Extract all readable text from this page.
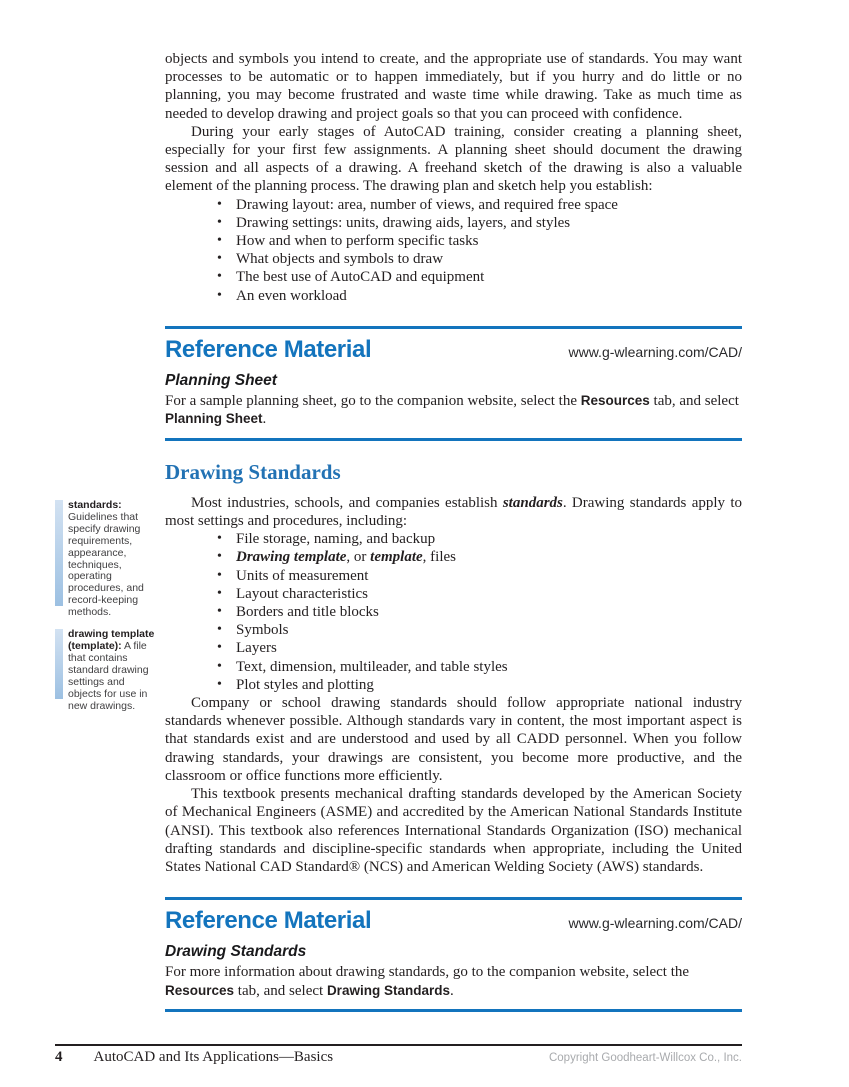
standards: Guidelines that specify drawing requirements, appearance, techniques, operating procedures, and record-keeping methods.
drawing template (template): A file that contains standard drawing settings and objects for use in new drawings.

objects and symbols you intend to create, and the appropriate use of standards. You may want processes to be automatic or to happen immediately, but if you hurry and do little or no planning, you may become frustrated and waste time while drawing. Take as much time as needed to develop drawing and project goals so that you can proceed with confidence.

During your early stages of AutoCAD training, consider creating a planning sheet, especially for your first few assignments. A planning sheet should document the drawing session and all aspects of a drawing. A freehand sketch of the drawing is also a valuable element of the planning process. The drawing plan and sketch help you establish:

• Drawing layout: area, number of views, and required free space
• Drawing settings: units, drawing aids, layers, and styles
• How and when to perform specific tasks
• What objects and symbols to draw
• The best use of AutoCAD and equipment
• An even workload
Reference Material	www.g-wlearning.com/CAD/
Planning Sheet
For a sample planning sheet, go to the companion website, select the Resources tab, and select Planning Sheet.
Drawing Standards

Most industries, schools, and companies establish standards. Drawing standards apply to most settings and procedures, including:

• File storage, naming, and backup
• Drawing template, or template, files
• Units of measurement
• Layout characteristics
• Borders and title blocks
• Symbols
• Layers
• Text, dimension, multileader, and table styles
• Plot styles and plotting

Company or school drawing standards should follow appropriate national industry standards whenever possible. Although standards vary in content, the most important aspect is that standards exist and are understood and used by all CADD personnel. When you follow drawing standards, your drawings are consistent, you become more productive, and the classroom or office functions more efficiently.

This textbook presents mechanical drafting standards developed by the American Society of Mechanical Engineers (ASME) and accredited by the American National Standards Institute (ANSI). This textbook also references International Standards Organization (ISO) mechanical drafting standards and discipline-specific standards when appropriate, including the United States National CAD Standard® (NCS) and American Welding Society (AWS) standards.

Reference Material	www.g-wlearning.com/CAD/
Drawing Standards
For more information about drawing standards, go to the companion website, select the Resources tab, and select Drawing Standards.
4 AutoCAD and Its Applications—Basics	Copyright Goodheart-Willcox Co., Inc.
